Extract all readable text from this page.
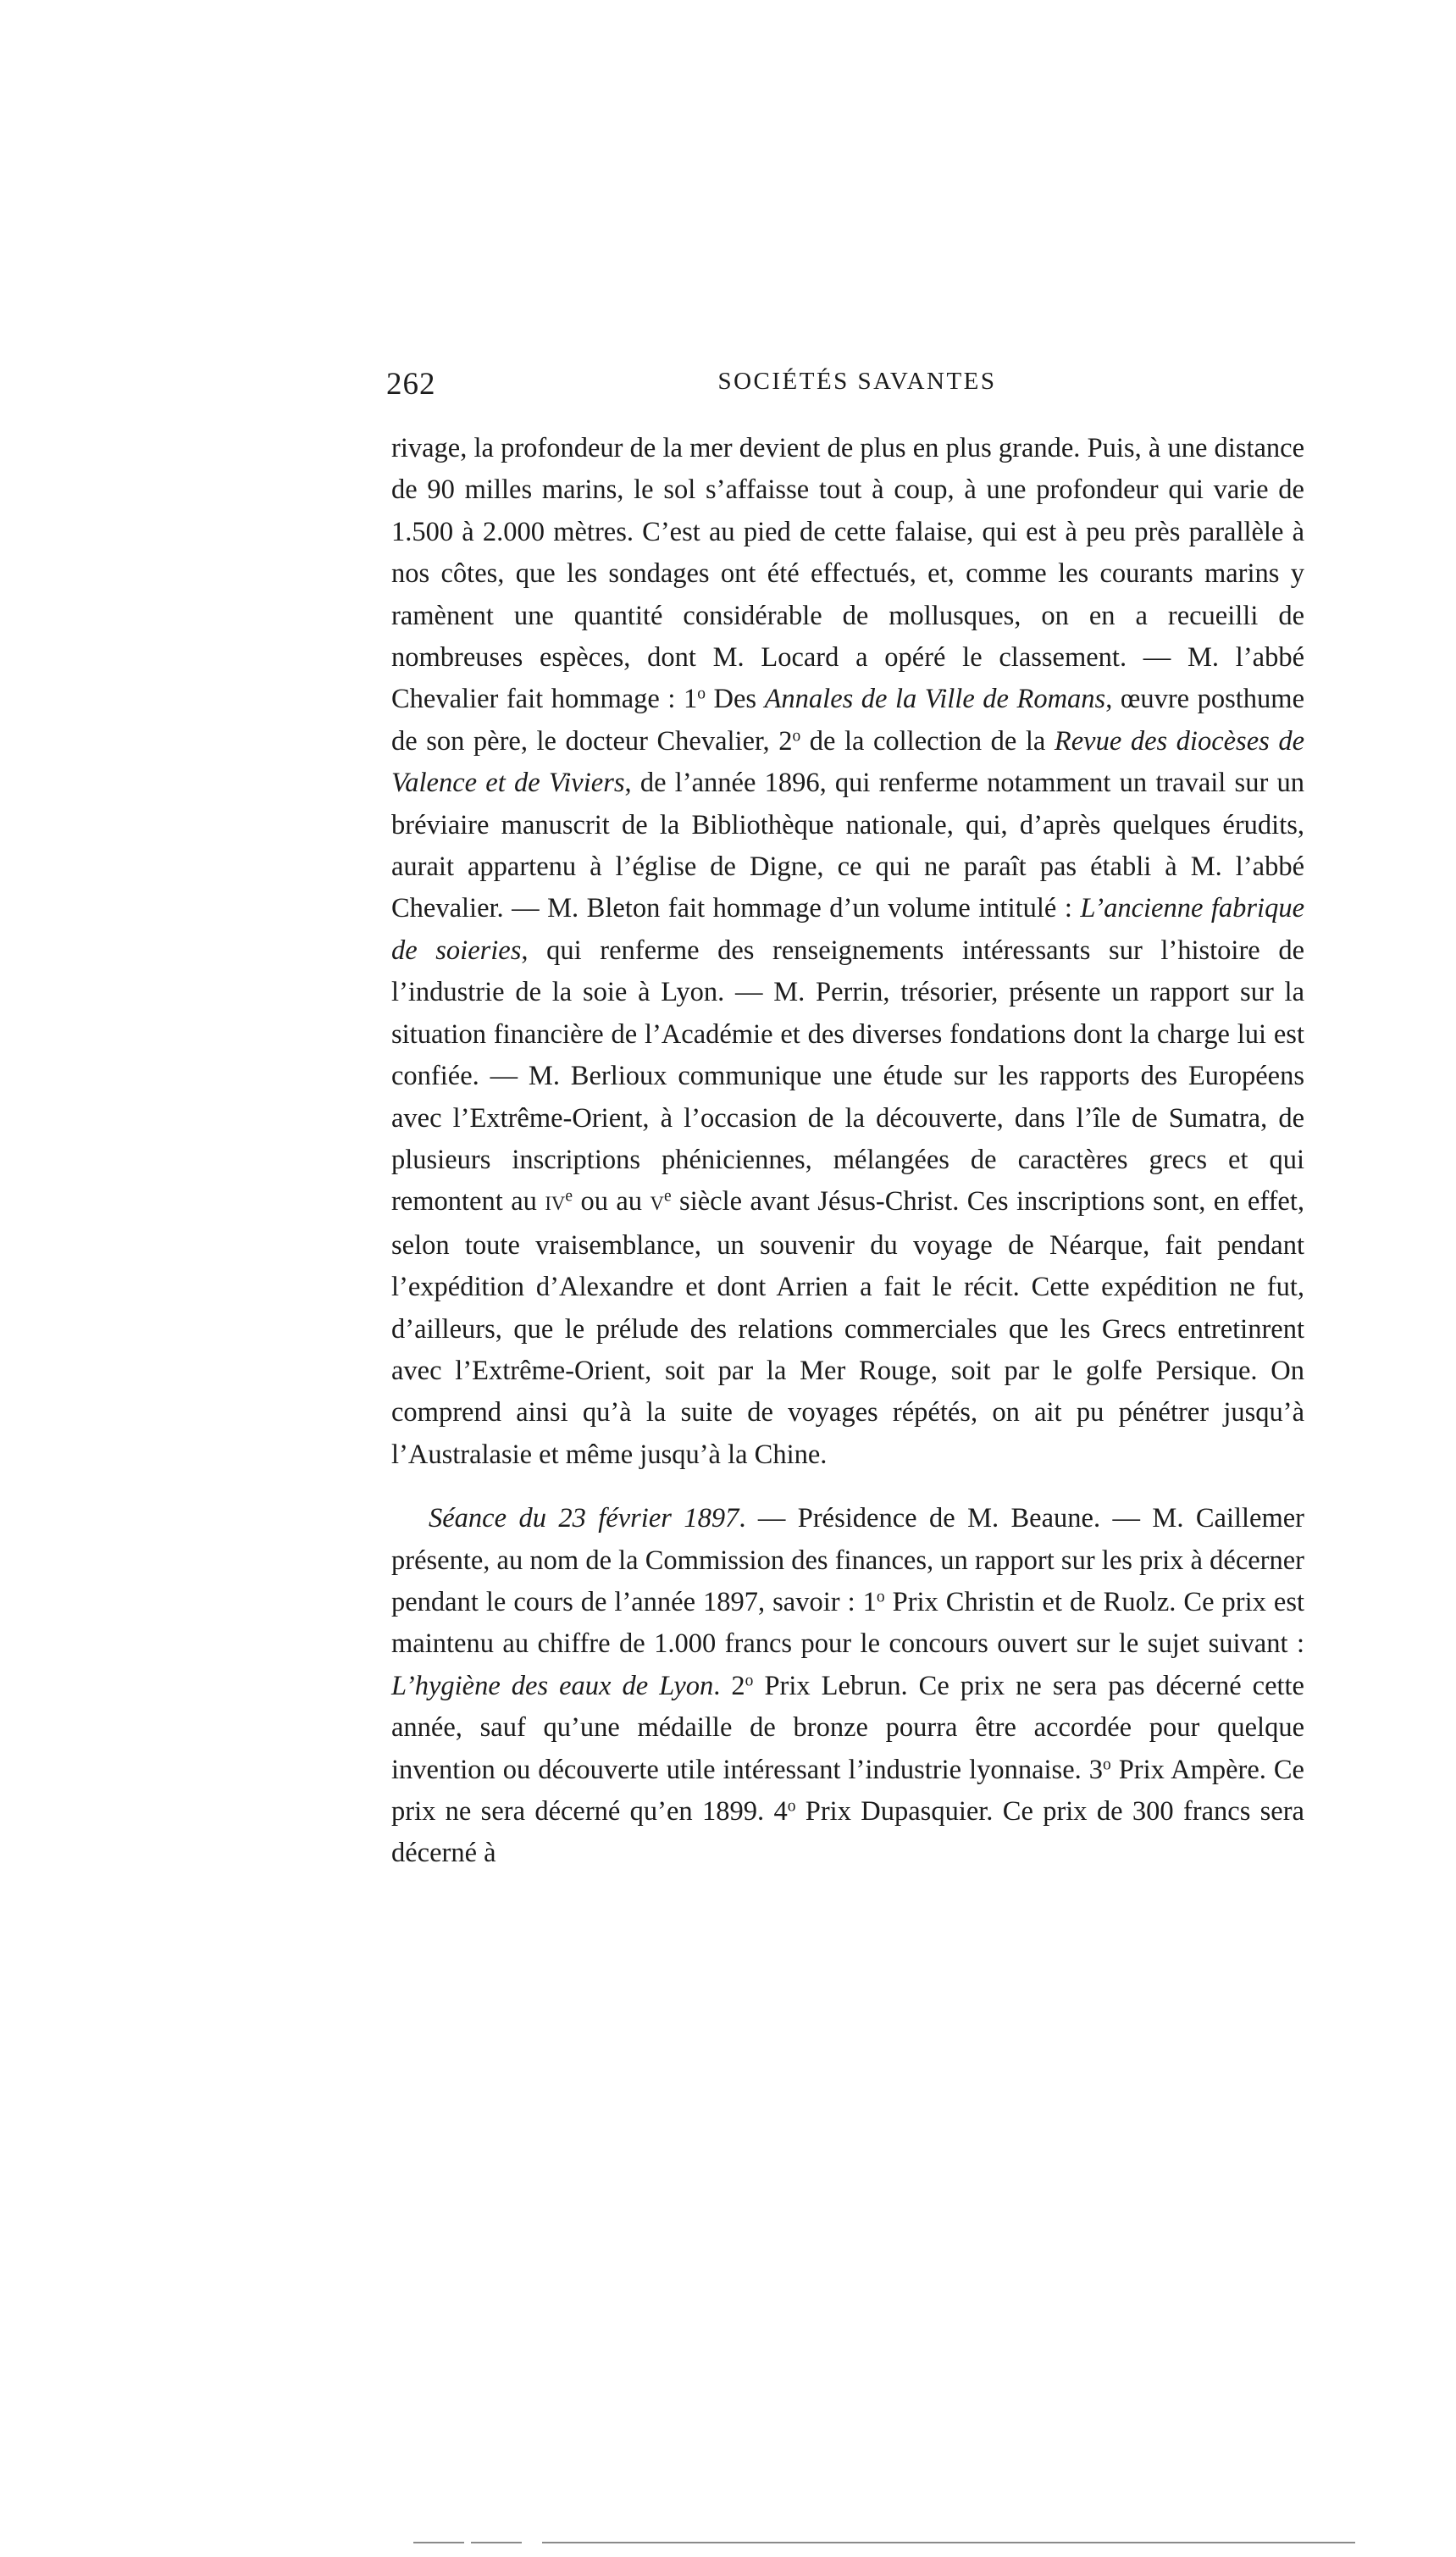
262	SOCIÉTÉS SAVANTES

rivage, la profondeur de la mer devient de plus en plus grande. Puis, à une distance de 90 milles marins, le sol s’affaisse tout à coup, à une profondeur qui varie de 1.500 à 2.000 mètres. C’est au pied de cette falaise, qui est à peu près parallèle à nos côtes, que les sondages ont été effectués, et, comme les courants marins y ramènent une quantité considérable de mollusques, on en a recueilli de nombreuses espèces, dont M. Locard a opéré le classement. — M. l’abbé Chevalier fait hommage : 1$^o$ Des Annales de la Ville de Romans, œuvre posthume de son père, le docteur Chevalier, 2$^o$ de la collection de la Revue des diocèses de Valence et de Viviers, de l’année 1896, qui renferme notamment un travail sur un bréviaire manuscrit de la Bibliothèque nationale, qui, d’après quelques érudits, aurait appartenu à l’église de Digne, ce qui ne paraît pas établi à M. l’abbé Chevalier. — M. Bleton fait hommage d’un volume intitulé : L’ancienne fabrique de soieries, qui renferme des renseignements intéressants sur l’histoire de l’industrie de la soie à Lyon. — M. Perrin, trésorier, présente un rapport sur la situation financière de l’Académie et des diverses fondations dont la charge lui est confiée. — M. Berlioux communique une étude sur les rapports des Européens avec l’Extrême-Orient, à l’occasion de la découverte, dans l’île de Sumatra, de plusieurs inscriptions phéniciennes, mélangées de caractères grecs et qui remontent au IVe ou au Ve siècle avant Jésus-Christ. Ces inscriptions sont, en effet, selon toute vraisemblance, un souvenir du voyage de Néarque, fait pendant l’expédition d’Alexandre et dont Arrien a fait le récit. Cette expédition ne fut, d’ailleurs, que le prélude des relations commerciales que les Grecs entretinrent avec l’Extrême-Orient, soit par la Mer Rouge, soit par le golfe Persique. On comprend ainsi qu’à la suite de voyages répétés, on ait pu pénétrer jusqu’à l’Australasie et même jusqu’à la Chine.

Séance du 23 février 1897. — Présidence de M. Beaune. — M. Caillemer présente, au nom de la Commission des finances, un rapport sur les prix à décerner pendant le cours de l’année 1897, savoir : 1$^o$ Prix Christin et de Ruolz. Ce prix est maintenu au chiffre de 1.000 francs pour le concours ouvert sur le sujet suivant : L’hygiène des eaux de Lyon. 2$^o$ Prix Lebrun. Ce prix ne sera pas décerné cette année, sauf qu’une médaille de bronze pourra être accordée pour quelque invention ou découverte utile intéressant l’industrie lyonnaise. 3$^o$ Prix Ampère. Ce prix ne sera décerné qu’en 1899. 4$^o$ Prix Dupasquier. Ce prix de 300 francs sera décerné à
